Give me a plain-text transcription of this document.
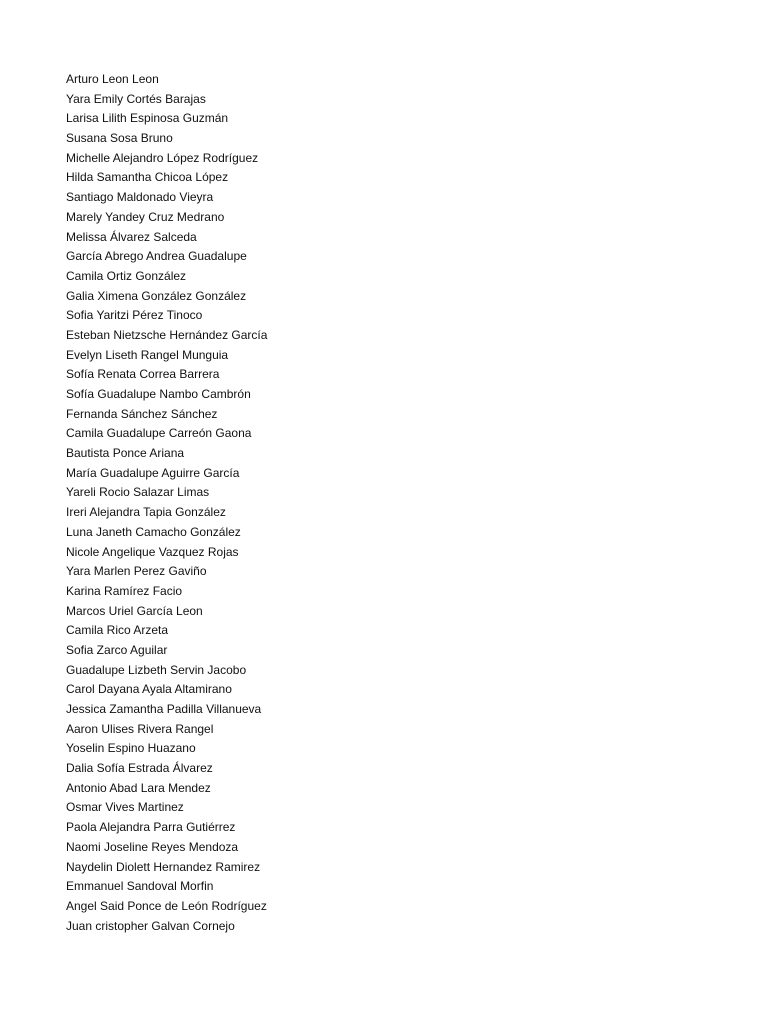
Arturo Leon Leon
Yara Emily Cortés Barajas
Larisa Lilith Espinosa Guzmán
Susana Sosa Bruno
Michelle Alejandro López Rodríguez
Hilda Samantha Chicoa López
Santiago Maldonado Vieyra
Marely Yandey Cruz Medrano
Melissa Álvarez Salceda
García Abrego Andrea Guadalupe
Camila Ortiz González
Galia Ximena González González
Sofia Yaritzi Pérez Tinoco
Esteban Nietzsche Hernández García
Evelyn Liseth Rangel Munguia
Sofía Renata Correa Barrera
Sofía Guadalupe Nambo Cambrón
Fernanda Sánchez Sánchez
Camila Guadalupe Carreón Gaona
Bautista Ponce Ariana
María Guadalupe Aguirre García
Yareli Rocio Salazar Limas
Ireri Alejandra Tapia González
Luna Janeth Camacho González
Nicole Angelique Vazquez Rojas
Yara Marlen Perez Gaviño
Karina Ramírez Facio
Marcos Uriel García Leon
Camila Rico Arzeta
Sofia Zarco Aguilar
Guadalupe Lizbeth Servin Jacobo
Carol Dayana Ayala Altamirano
Jessica Zamantha Padilla Villanueva
Aaron Ulises Rivera Rangel
Yoselin Espino Huazano
Dalia Sofía Estrada Álvarez
Antonio Abad Lara Mendez
Osmar Vives Martinez
Paola Alejandra Parra Gutiérrez
Naomi Joseline Reyes Mendoza
Naydelin Diolett Hernandez Ramirez
Emmanuel Sandoval Morfin
Angel Said Ponce de León Rodríguez
Juan cristopher Galvan Cornejo
